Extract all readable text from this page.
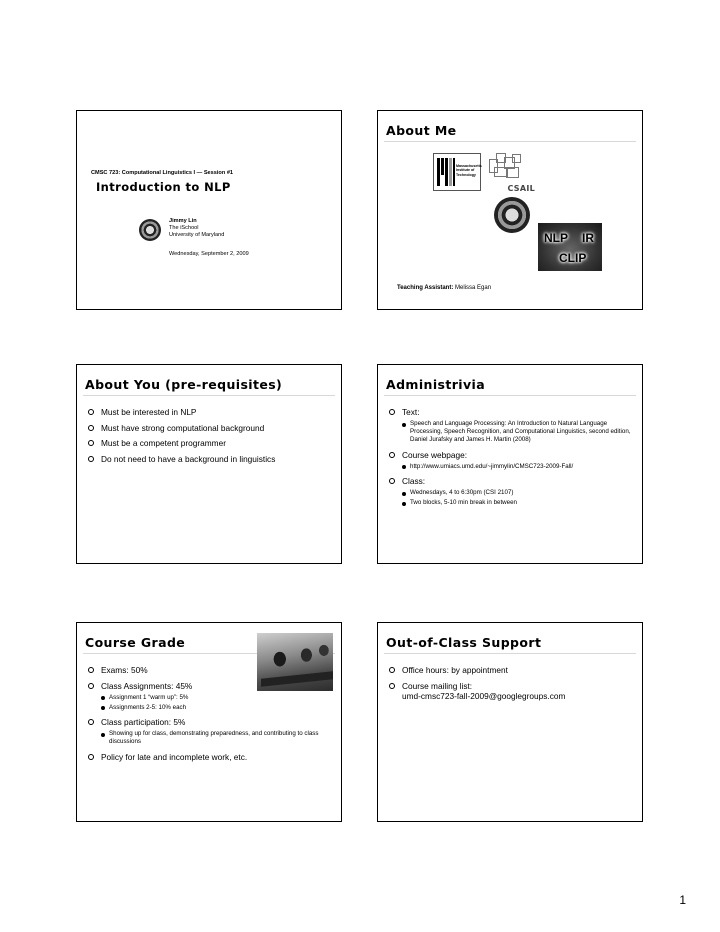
CMSC 723: Computational Linguistics I — Session #1
Introduction to NLP
Jimmy Lin
The iSchool
University of Maryland
Wednesday, September 2, 2009
About Me
Massachusetts
Institute of
Technology
CSAIL
NLP IR
CLIP
Teaching Assistant: Melissa Egan
About You (pre-requisites)
Must be interested in NLP
Must have strong computational background
Must be a competent programmer
Do not need to have a background in linguistics
Administrivia
Text:
Speech and Language Processing: An Introduction to Natural Language Processing, Speech Recognition, and Computational Linguistics, second edition, Daniel Jurafsky and James H. Martin (2008)
Course webpage:
http://www.umiacs.umd.edu/~jimmylin/CMSC723-2009-Fall/
Class:
Wednesdays, 4 to 6:30pm (CSI 2107)
Two blocks, 5-10 min break in between
Course Grade
Exams: 50%
Class Assignments: 45%
Assignment 1 “warm up”: 5%
Assignments 2-5: 10% each
Class participation: 5%
Showing up for class, demonstrating preparedness, and contributing to class discussions
Policy for late and incomplete work, etc.
Out-of-Class Support
Office hours: by appointment
Course mailing list:
umd-cmsc723-fall-2009@googlegroups.com
1
